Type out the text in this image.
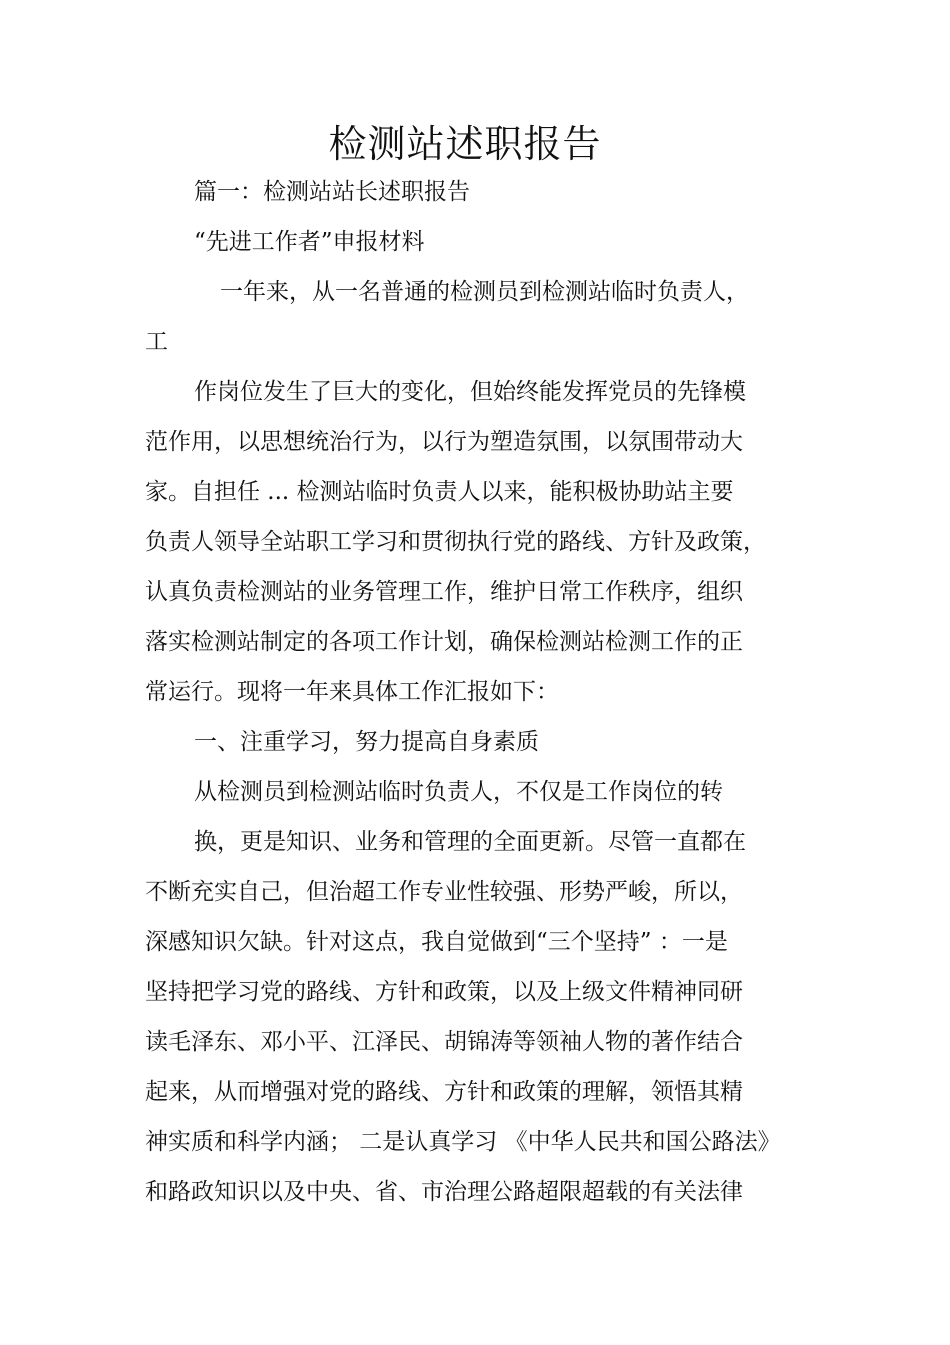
检测站述职报告
篇一：检测站站长述职报告
“先进工作者”申报材料
一年来，从一名普通的检测员到检测站临时负责人，
工
作岗位发生了巨大的变化，但始终能发挥党员的先锋模
范作用，以思想统治行为，以行为塑造氛围，以氛围带动大
家。自担任 ... 检测站临时负责人以来，能积极协助站主要
负责人领导全站职工学习和贯彻执行党的路线、方针及政策，
认真负责检测站的业务管理工作，维护日常工作秩序，组织
落实检测站制定的各项工作计划，确保检测站检测工作的正
常运行。现将一年来具体工作汇报如下：
一、注重学习，努力提高自身素质
从检测员到检测站临时负责人，不仅是工作岗位的转
换，更是知识、业务和管理的全面更新。尽管一直都在
不断充实自己，但治超工作专业性较强、形势严峻，所以，
深感知识欠缺。针对这点，我自觉做到“三个坚持” ：一是
坚持把学习党的路线、方针和政策，以及上级文件精神同研
读毛泽东、邓小平、江泽民、胡锦涛等领袖人物的著作结合
起来，从而增强对党的路线、方针和政策的理解，领悟其精
神实质和科学内涵； 二是认真学习 《中华人民共和国公路法》
和路政知识以及中央、省、市治理公路超限超载的有关法律
